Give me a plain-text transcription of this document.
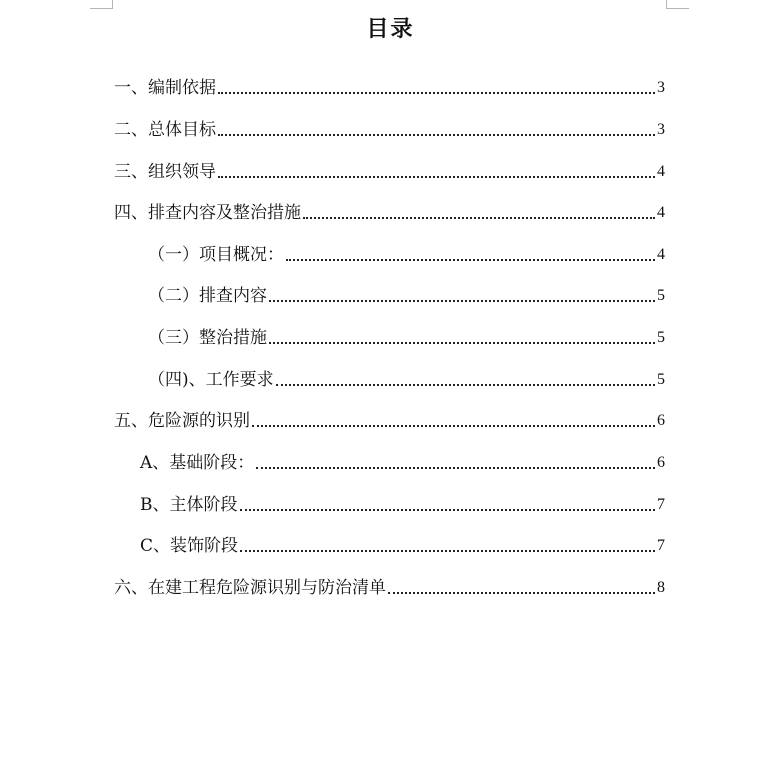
目录
一、编制依据	3
二、总体目标	3
三、组织领导	4
四、排查内容及整治措施	4
（一）项目概况：	4
（二）排查内容	5
（三）整治措施	5
（四)、工作要求	5
五、危险源的识别	6
A、基础阶段：	6
B、主体阶段	7
C、装饰阶段	7
六、在建工程危险源识别与防治清单	8
